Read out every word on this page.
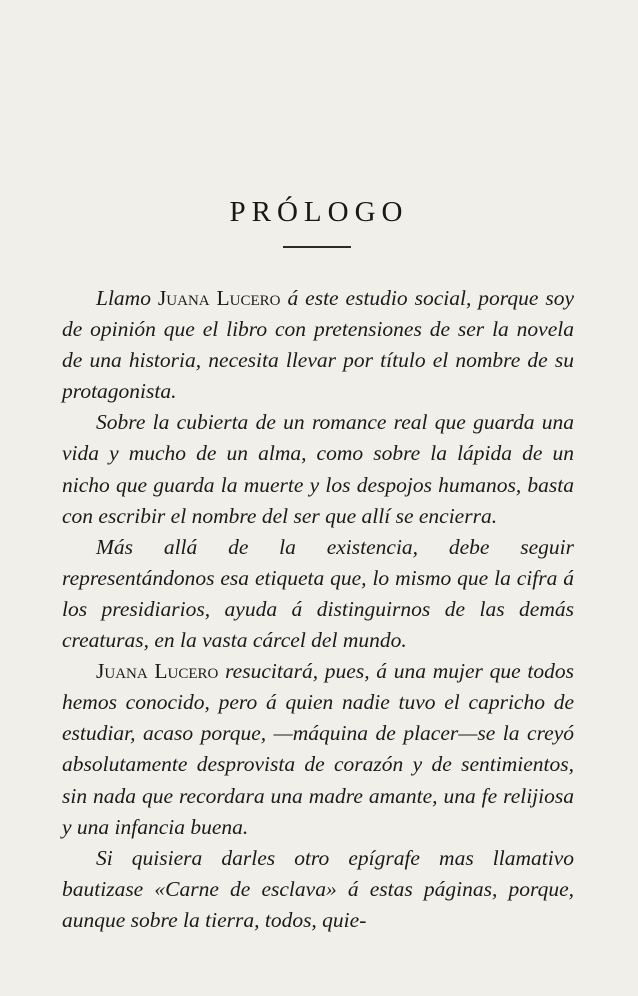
PRÓLOGO

Llamo Juana Lucero á este estudio social, porque soy de opinión que el libro con pretensiones de ser la novela de una historia, necesita llevar por título el nombre de su protagonista.

Sobre la cubierta de un romance real que guarda una vida y mucho de un alma, como sobre la lápida de un nicho que guarda la muerte y los despojos humanos, basta con escribir el nombre del ser que allí se encierra.

Más allá de la existencia, debe seguir representándonos esa etiqueta que, lo mismo que la cifra á los presidiarios, ayuda á distinguirnos de las demás creaturas, en la vasta cárcel del mundo.

Juana Lucero resucitará, pues, á una mujer que todos hemos conocido, pero á quien nadie tuvo el capricho de estudiar, acaso porque, —máquina de placer—se la creyó absolutamente desprovista de corazón y de sentimientos, sin nada que recordara una madre amante, una fe relijiosa y una infancia buena.

Si quisiera darles otro epígrafe mas llamativo bautizase «Carne de esclava» á estas páginas, porque, aunque sobre la tierra, todos, quie-
